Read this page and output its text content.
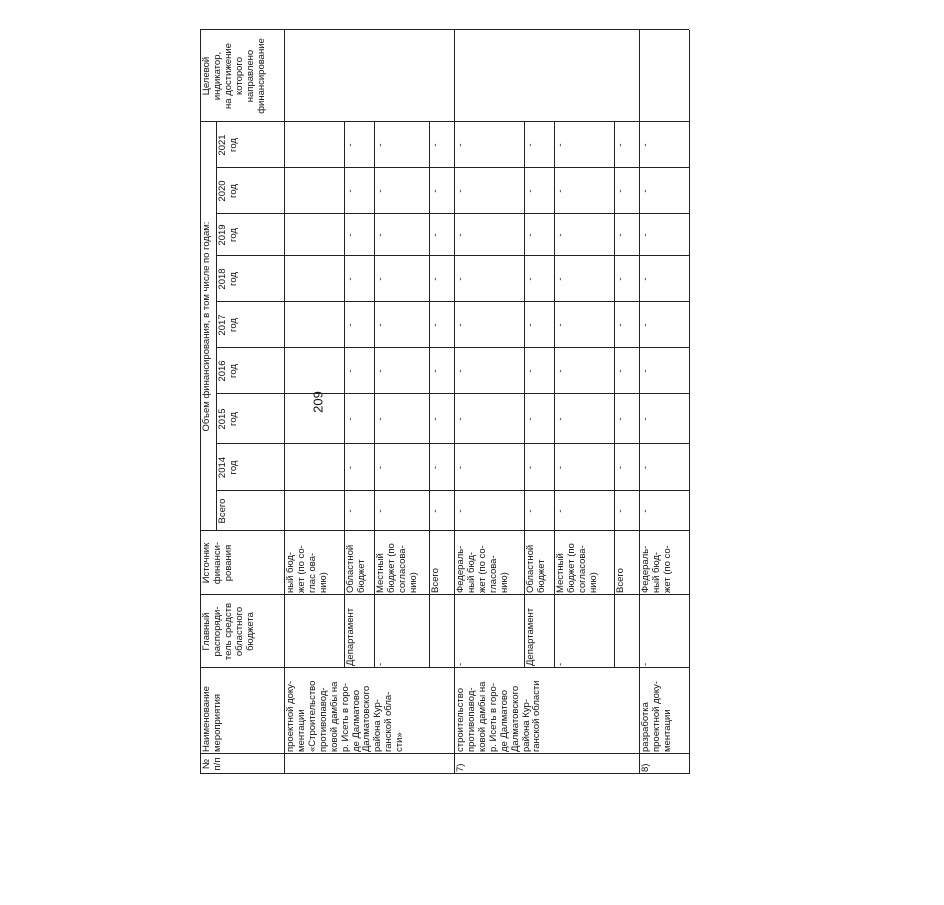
209
№
п/п
Наименование
мероприятия
Главный
распоряди-
тель средств
областного
бюджета
Источник
финанси-
рования
Объем финансирования, в том числе по годам:
Всего
2014
год
2015
год
2016
год
2017
год
2018
год
2019
год
2020
год
2021
год
Целевой
индикатор,
на достижение
которого
направлено
финансирование
проектной доку-
ментации
«Строительство
противопавод-
ковой дамбы на
р. Исеть в горо-
де Далматово
Далматовского
района Кур-
ганской обла-
сти»
ный бюд-
жет (по со-
глас ова-
нию)
Департамент
Областной
бюджет
-
-
-
-
-
-
-
-
-
-
Местный
бюджет (по
согласова-
нию)
-
-
-
-
-
-
-
-
-
Всего
-
-
-
-
-
-
-
-
-
7)
строительство
противопавод-
ковой дамбы на
р. Исеть в горо-
де Далматово
Далматовского
района Кур-
ганской области
-
Федераль-
ный бюд-
жет (по со-
гласова-
нию)
-
-
-
-
-
-
-
-
-
Департамент
Областной
бюджет
-
-
-
-
-
-
-
-
-
-
Местный
бюджет (по
согласова-
нию)
-
-
-
-
-
-
-
-
-
Всего
-
-
-
-
-
-
-
-
-
8)
разработка
проектной доку-
ментации
-
Федераль-
ный бюд-
жет (по со-
-
-
-
-
-
-
-
-
-
